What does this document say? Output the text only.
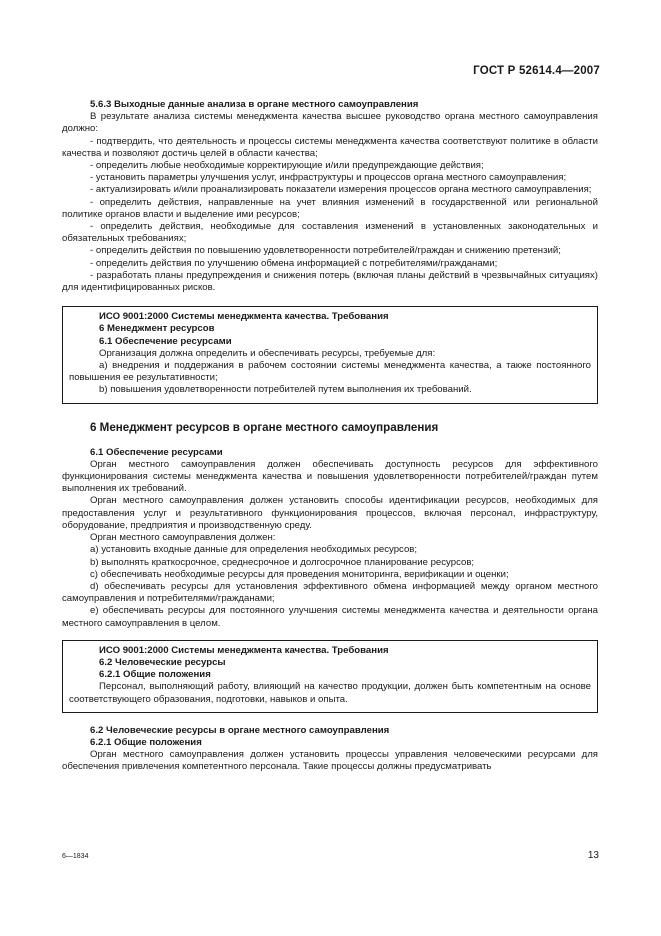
ГОСТ Р 52614.4—2007

5.6.3 Выходные данные анализа в органе местного самоуправления

В результате анализа системы менеджмента качества высшее руководство органа местного самоуправления должно:

- подтвердить, что деятельность и процессы системы менеджмента качества соответствуют политике в области качества и позволяют достичь целей в области качества;

- определить любые необходимые корректирующие и/или предупреждающие действия;

- установить параметры улучшения услуг, инфраструктуры и процессов органа местного самоуправления;

- актуализировать и/или проанализировать показатели измерения процессов органа местного самоуправления;

- определить действия, направленные на учет влияния изменений в государственной или региональной политике органов власти и выделение ими ресурсов;

- определить действия, необходимые для составления изменений в установленных законодательных и обязательных требованиях;

- определить действия по повышению удовлетворенности потребителей/граждан и снижению претензий;

- определить действия по улучшению обмена информацией с потребителями/гражданами;

- разработать планы предупреждения и снижения потерь (включая планы действий в чрезвычайных ситуациях) для идентифицированных рисков.

ИСО 9001:2000 Системы менеджмента качества. Требования

6 Менеджмент ресурсов

6.1 Обеспечение ресурсами

Организация должна определить и обеспечивать ресурсы, требуемые для:

а) внедрения и поддержания в рабочем состоянии системы менеджмента качества, а также постоянного повышения ее результативности;

b) повышения удовлетворенности потребителей путем выполнения их требований.

6 Менеджмент ресурсов в органе местного самоуправления

6.1 Обеспечение ресурсами

Орган местного самоуправления должен обеспечивать доступность ресурсов для эффективного функционирования системы менеджмента качества и повышения удовлетворенности потребителей/граждан путем выполнения их требований.

Орган местного самоуправления должен установить способы идентификации ресурсов, необходимых для предоставления услуг и результативного функционирования процессов, включая персонал, инфраструктуру, оборудование, предприятия и производственную среду.

Орган местного самоуправления должен:

а) установить входные данные для определения необходимых ресурсов;

b) выполнять краткосрочное, среднесрочное и долгосрочное планирование ресурсов;

c) обеспечивать необходимые ресурсы для проведения мониторинга, верификации и оценки;

d) обеспечивать ресурсы для установления эффективного обмена информацией между органом местного самоуправления и потребителями/гражданами;

e) обеспечивать ресурсы для постоянного улучшения системы менеджмента качества и деятельности органа местного самоуправления в целом.

ИСО 9001:2000 Системы менеджмента качества. Требования

6.2 Человеческие ресурсы

6.2.1 Общие положения

Персонал, выполняющий работу, влияющий на качество продукции, должен быть компетентным на основе соответствующего образования, подготовки, навыков и опыта.

6.2 Человеческие ресурсы в органе местного самоуправления

6.2.1 Общие положения

Орган местного самоуправления должен установить процессы управления человеческими ресурсами для обеспечения привлечения компетентного персонала. Такие процессы должны предусматривать

6—1834	13
